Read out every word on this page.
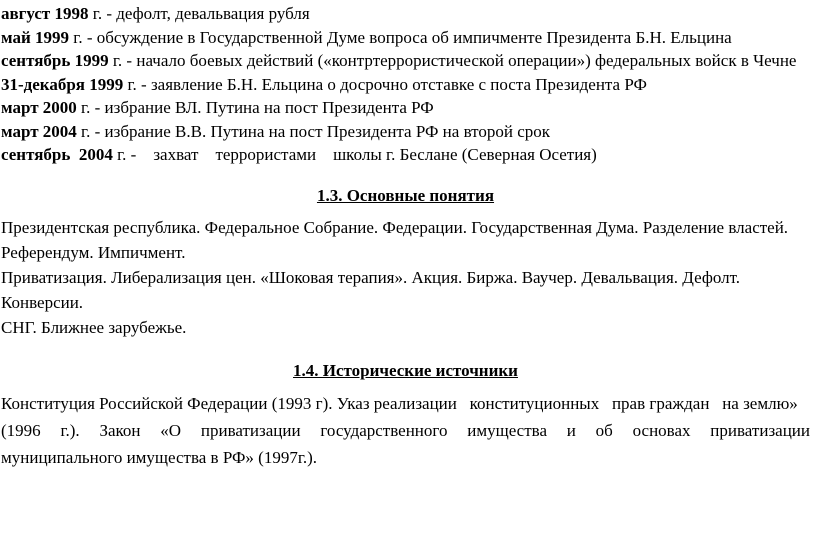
август 1998 г. - дефолт, девальвация рубля
май 1999 г. - обсуждение в Государственной Думе вопроса об импичменте Президента Б.Н. Ельцина
сентябрь 1999 г. - начало боевых действий («контртеррористической операции») федеральных войск в Чечне
31-декабря 1999 г. - заявление Б.Н. Ельцина о досрочно отставке с поста Президента РФ
март 2000 г. - избрание ВЛ. Путина на пост Президента РФ
март 2004 г. - избрание В.В. Путина на пост Президента РФ на второй срок
сентябрь  2004 г. -    захват    террористами    школы г. Беслане (Северная Осетия)
1.3. Основные понятия
Президентская республика. Федеральное Собрание. Федерации. Государственная Дума. Разделение властей. Референдум. Импичмент.
Приватизация. Либерализация цен. «Шоковая терапия». Акция. Биржа. Ваучер. Девальвация. Дефолт. Конверсии.
СНГ. Ближнее зарубежье.
1.4. Исторические источники
Конституция Российской Федерации (1993 г). Указ реализации   конституционных   прав граждан   на землю»
(1996 г.). Закон «О приватизации государственного имущества и об основах приватизации
муниципального имущества в РФ» (1997г.).
